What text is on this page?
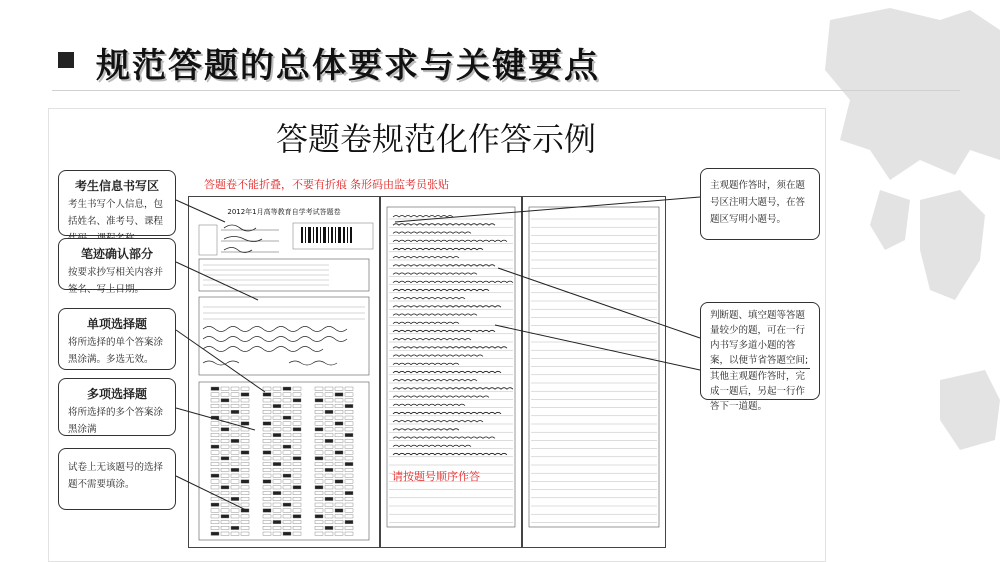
规范答题的总体要求与关键要点
答题卷规范化作答示例
2012年1月高等教育自学考试答题卷
答题卷不能折叠，不要有折痕 条形码由监考员张贴
请按题号顺序作答
考生信息书写区
考生书写个人信息，包括姓名、准考号、课程
笔迹确认部分
按要求抄写相关内容并签名、写上日期。
单项选择题
将所选择的单个答案涂黑涂满。多选无效。
多项选择题
将所选择的多个答案涂黑涂满
试卷上无该题号的选择题不需要填涂。
主观题作答时，须在题号区注明大题号，在答题区写明小题号。
判断题、填空题等答题量较少的题，可在一行内书写多道小题的答案，以便节省答题空间;
其他主观题作答时，完成一题后，另起一行作答下一道题。
